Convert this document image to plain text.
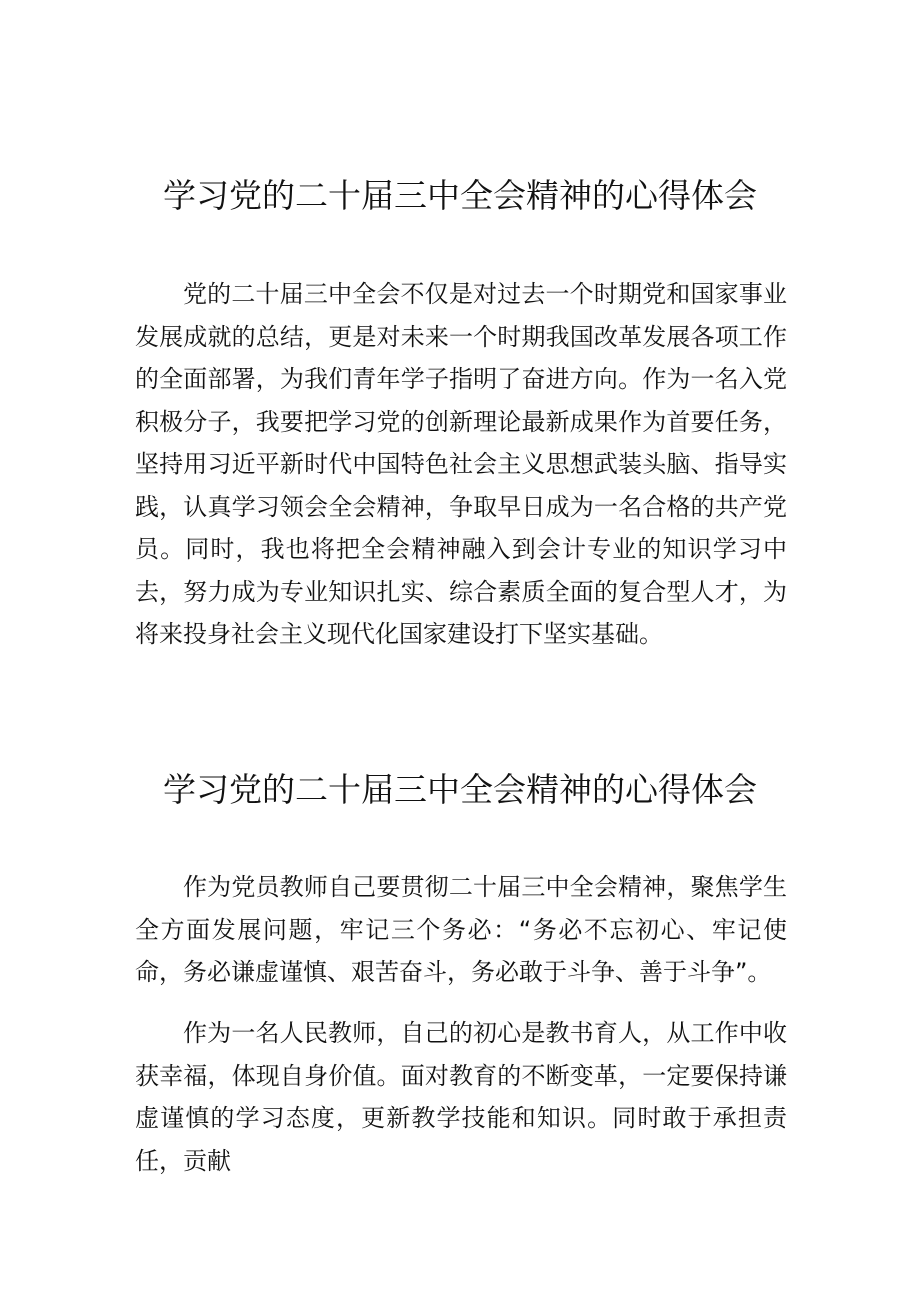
学习党的二十届三中全会精神的心得体会

党的二十届三中全会不仅是对过去一个时期党和国家事业发展成就的总结，更是对未来一个时期我国改革发展各项工作的全面部署，为我们青年学子指明了奋进方向。作为一名入党积极分子，我要把学习党的创新理论最新成果作为首要任务，坚持用习近平新时代中国特色社会主义思想武装头脑、指导实践，认真学习领会全会精神，争取早日成为一名合格的共产党员。同时，我也将把全会精神融入到会计专业的知识学习中去，努力成为专业知识扎实、综合素质全面的复合型人才，为将来投身社会主义现代化国家建设打下坚实基础。

学习党的二十届三中全会精神的心得体会

作为党员教师自己要贯彻二十届三中全会精神，聚焦学生全方面发展问题，牢记三个务必：“务必不忘初心、牢记使命，务必谦虚谨慎、艰苦奋斗，务必敢于斗争、善于斗争”。

作为一名人民教师，自己的初心是教书育人，从工作中收获幸福，体现自身价值。面对教育的不断变革，一定要保持谦虚谨慎的学习态度，更新教学技能和知识。同时敢于承担责任，贡献
